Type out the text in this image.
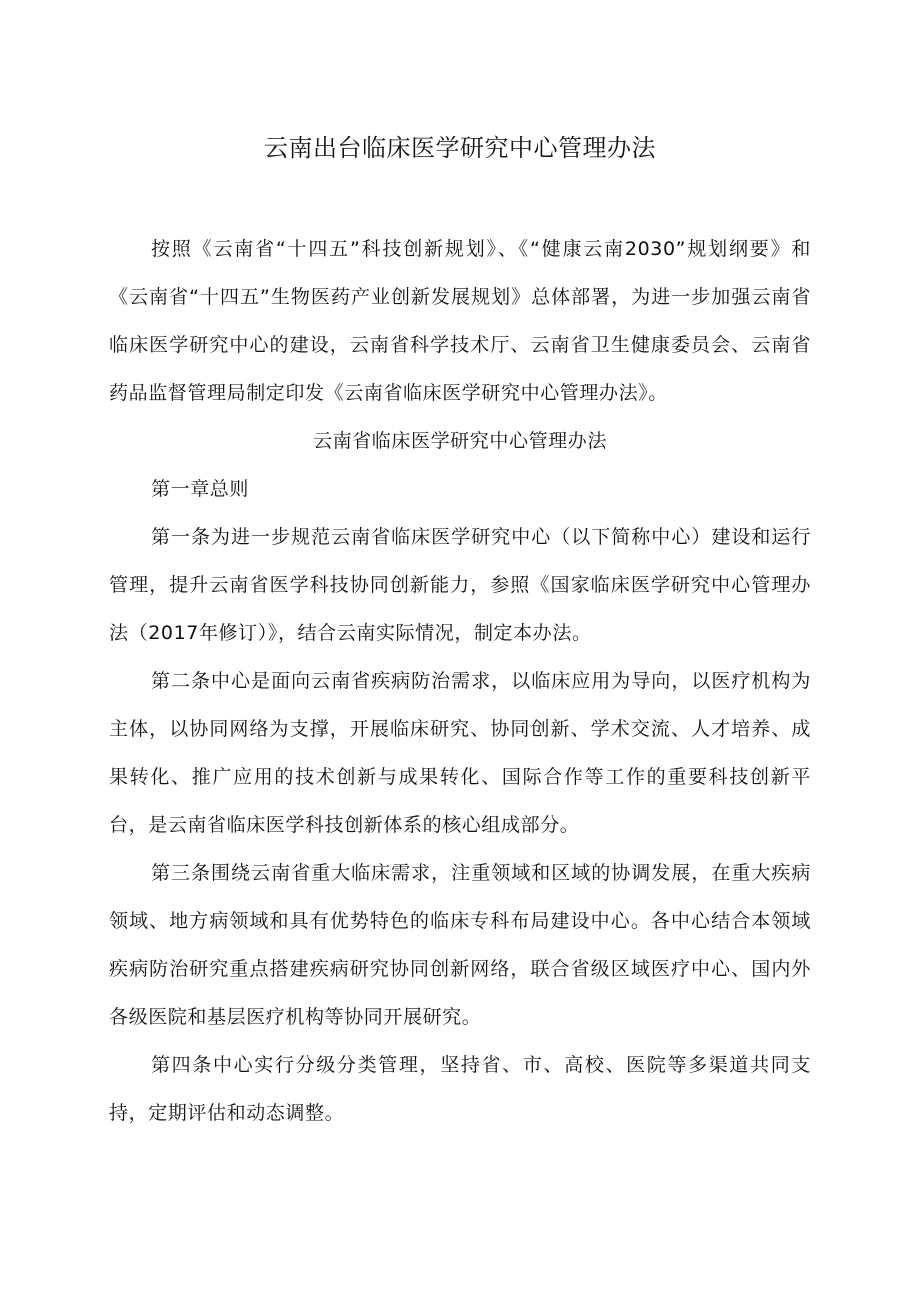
云南出台临床医学研究中心管理办法

按照《云南省“十四五”科技创新规划》、《“健康云南2030”规划纲要》和《云南省“十四五”生物医药产业创新发展规划》总体部署，为进一步加强云南省临床医学研究中心的建设，云南省科学技术厅、云南省卫生健康委员会、云南省药品监督管理局制定印发《云南省临床医学研究中心管理办法》。

云南省临床医学研究中心管理办法

第一章总则

第一条为进一步规范云南省临床医学研究中心（以下简称中心）建设和运行管理，提升云南省医学科技协同创新能力，参照《国家临床医学研究中心管理办法（2017年修订）》，结合云南实际情况，制定本办法。

第二条中心是面向云南省疾病防治需求，以临床应用为导向，以医疗机构为主体，以协同网络为支撑，开展临床研究、协同创新、学术交流、人才培养、成果转化、推广应用的技术创新与成果转化、国际合作等工作的重要科技创新平台，是云南省临床医学科技创新体系的核心组成部分。

第三条围绕云南省重大临床需求，注重领域和区域的协调发展，在重大疾病领域、地方病领域和具有优势特色的临床专科布局建设中心。各中心结合本领域疾病防治研究重点搭建疾病研究协同创新网络，联合省级区域医疗中心、国内外各级医院和基层医疗机构等协同开展研究。

第四条中心实行分级分类管理，坚持省、市、高校、医院等多渠道共同支持，定期评估和动态调整。
